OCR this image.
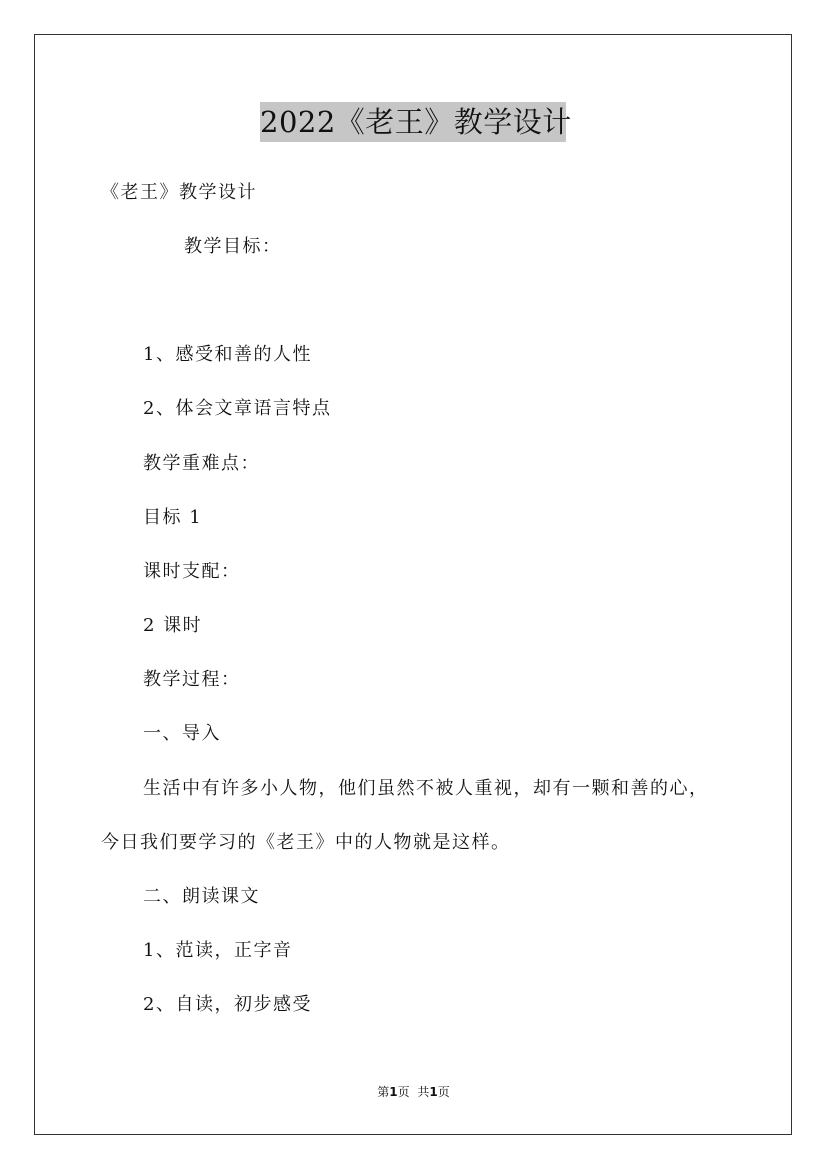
2022《老王》教学设计
《老王》教学设计
教学目标：
1、感受和善的人性
2、体会文章语言特点
教学重难点：
目标 1
课时支配：
2 课时
教学过程：
一、导入
生活中有许多小人物，他们虽然不被人重视，却有一颗和善的心，
今日我们要学习的《老王》中的人物就是这样。
二、朗读课文
1、范读，正字音
2、自读，初步感受
第1页 共1页
